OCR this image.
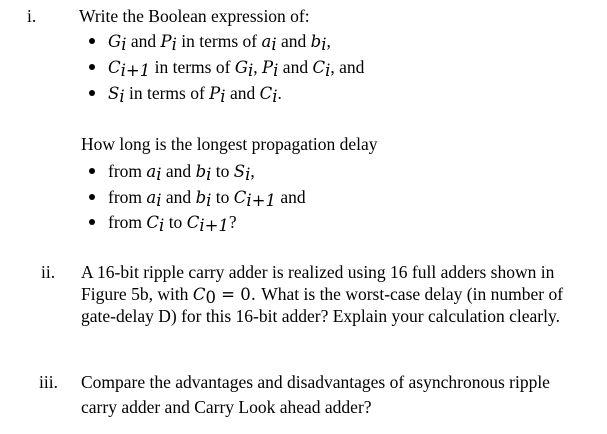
i. Write the Boolean expression of:
$G_i$ and $P_i$ in terms of $a_i$ and $b_i$,
$C_{i+1}$ in terms of $G_i$, $P_i$ and $C_i$, and
$S_i$ in terms of $P_i$ and $C_i$.
How long is the longest propagation delay
from $a_i$ and $b_i$ to $S_i$,
from $a_i$ and $b_i$ to $C_{i+1}$ and
from $C_i$ to $C_{i+1}$?
ii. A 16-bit ripple carry adder is realized using 16 full adders shown in
Figure 5b, with $C_0 = 0$. What is the worst-case delay (in number of
gate-delay D) for this 16-bit adder? Explain your calculation clearly.
iii. Compare the advantages and disadvantages of asynchronous ripple
carry adder and Carry Look ahead adder?
